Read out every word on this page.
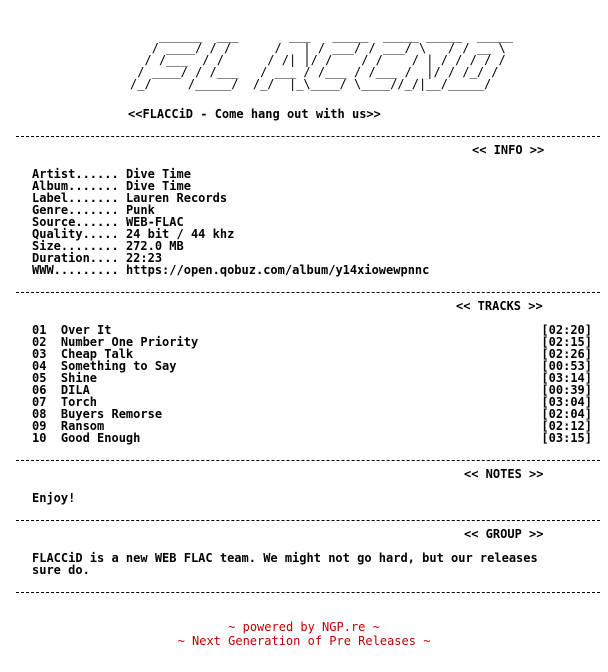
______  ___       ___   _____  _____ _____  _____
/ ____/ / /      /   | / ___/ / ___/ \   / / __ \
/ /___  / /      / /| |/ /    / /    / | / / / / /
/ ____/ / /___   / ___ / /___ / /___ /  |/ / /_/ /
/_/     /_____/  /_/  |_\____/ \____//_/|__/_____/
<<FLACCiD - Come hang out with us>>
<< INFO >>
Artist...... Dive Time
Album....... Dive Time
Label....... Lauren Records
Genre....... Punk
Source...... WEB-FLAC
Quality..... 24 bit / 44 khz
Size........ 272.0 MB
Duration.... 22:23
WWW......... https://open.qobuz.com/album/y14xiowewpnnc
<< TRACKS >>
01 Over It	[02:20]
02 Number One Priority	[02:15]
03 Cheap Talk	[02:26]
04 Something to Say	[00:53]
05 Shine	[03:14]
06 DILA	[00:39]
07 Torch	[03:04]
08 Buyers Remorse	[02:04]
09 Ransom	[02:12]
10 Good Enough	[03:15]
<< NOTES >>
Enjoy!
<< GROUP >>
FLACCiD is a new WEB FLAC team. We might not go hard, but our releases
sure do.
~ powered by NGP.re ~
~ Next Generation of Pre Releases ~
